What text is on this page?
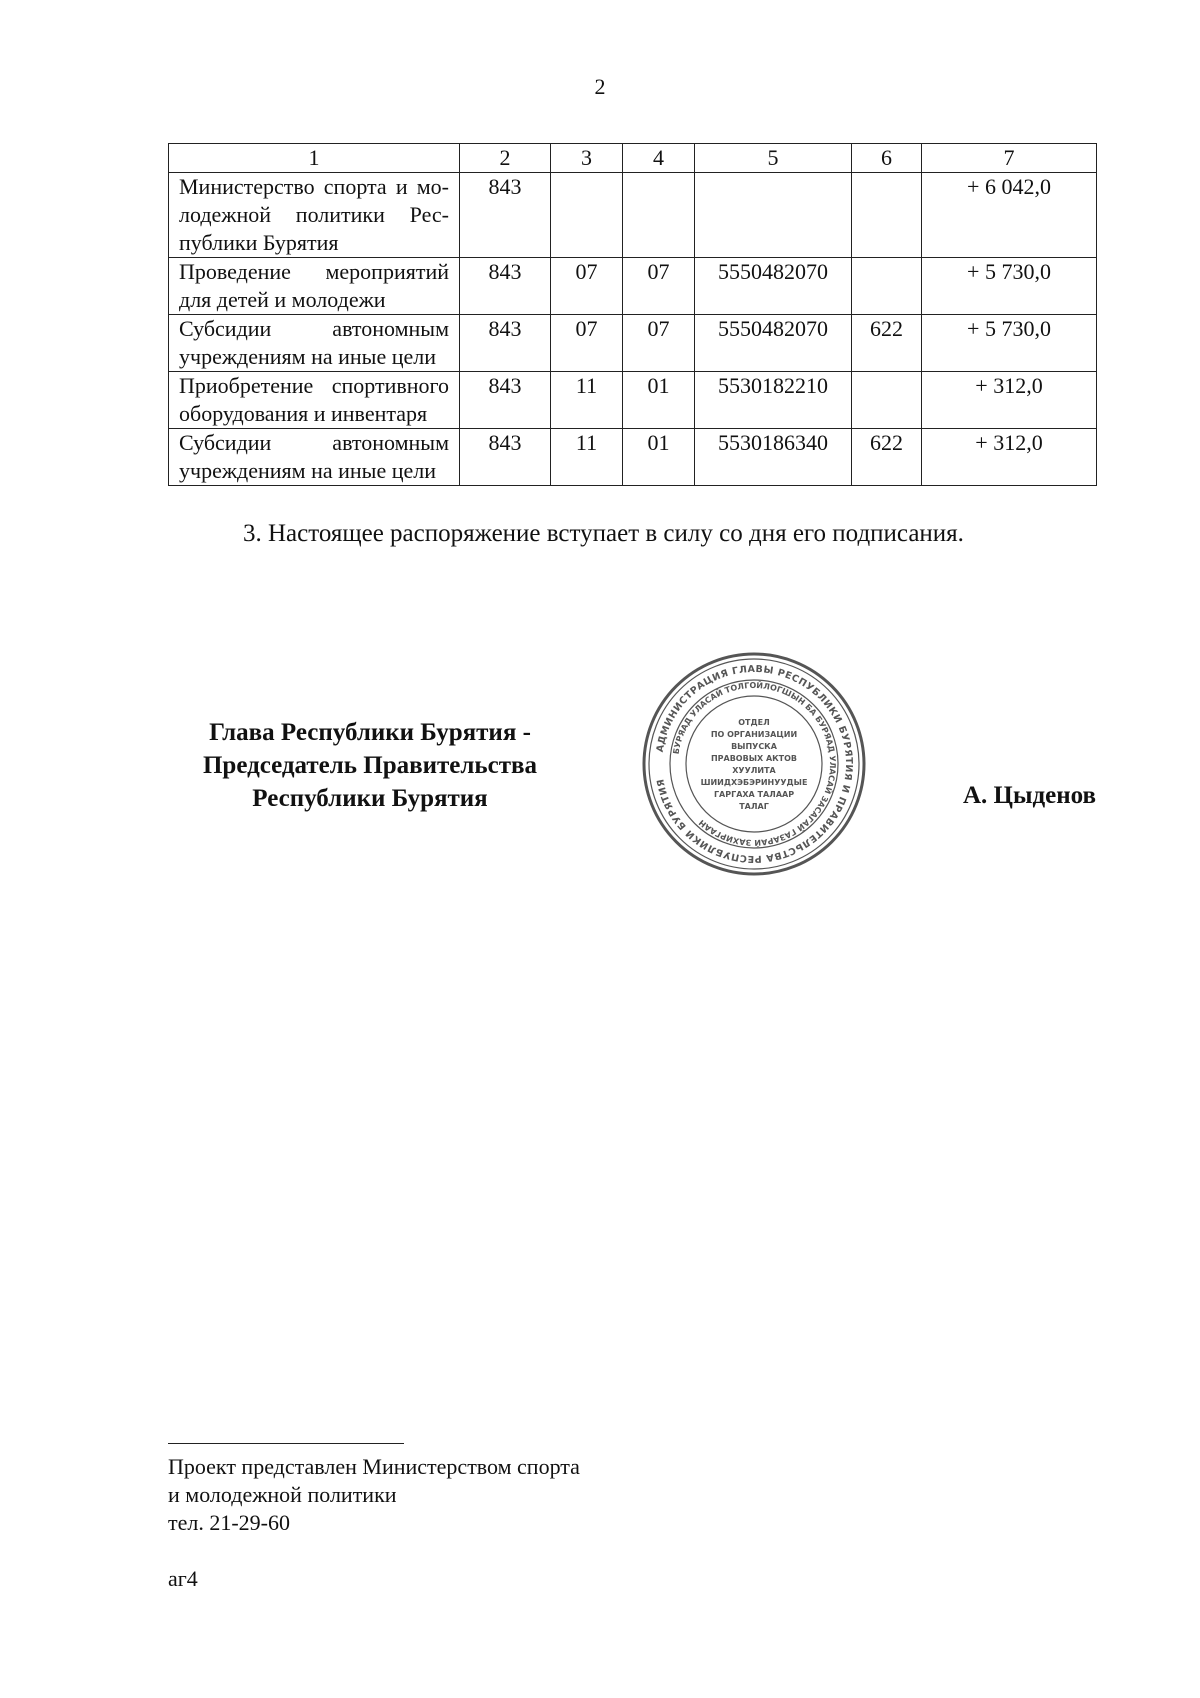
2
1	2	3	4	5	6	7

Министерство спорта и мо-
лодежной политики Рес-
публики Бурятия	843					+ 6 042,0

Проведение мероприятий
для детей и молодежи	843	07	07	5550482070		+ 5 730,0

Субсидии автономным
учреждениям на иные цели	843	07	07	5550482070	622	+ 5 730,0

Приобретение спортивного
оборудования и инвентаря	843	11	01	5530182210		+ 312,0

Субсидии автономным
учреждениям на иные цели	843	11	01	5530186340	622	+ 312,0
3. Настоящее распоряжение вступает в силу со дня его подписания.
Глава Республики Бурятия -
Председатель Правительства
Республики Бурятия
АДМИНИСТРАЦИЯ ГЛАВЫ РЕСПУБЛИКИ БУРЯТИЯ И ПРАВИТЕЛЬСТВА РЕСПУБЛИКИ БУРЯТИЯ
БУРЯАД УЛАСАЙ ТОЛГОЙЛОГШЫН БА БУРЯАД УЛАСАЙ ЗАСАГАЙ ГАЗАРАЙ ЗАХИРГААН
ОТДЕЛ
ПО ОРГАНИЗАЦИИ
ВЫПУСКА
ПРАВОВЫХ АКТОВ
ХУУЛИТА
ШИИДХЭБЭРИНУУДЫЕ
ГАРГАХА ТАЛААР
ТАЛАГ	А. Цыденов
Проект представлен Министерством спорта
и молодежной политики
тел. 21-29-60
аг4
